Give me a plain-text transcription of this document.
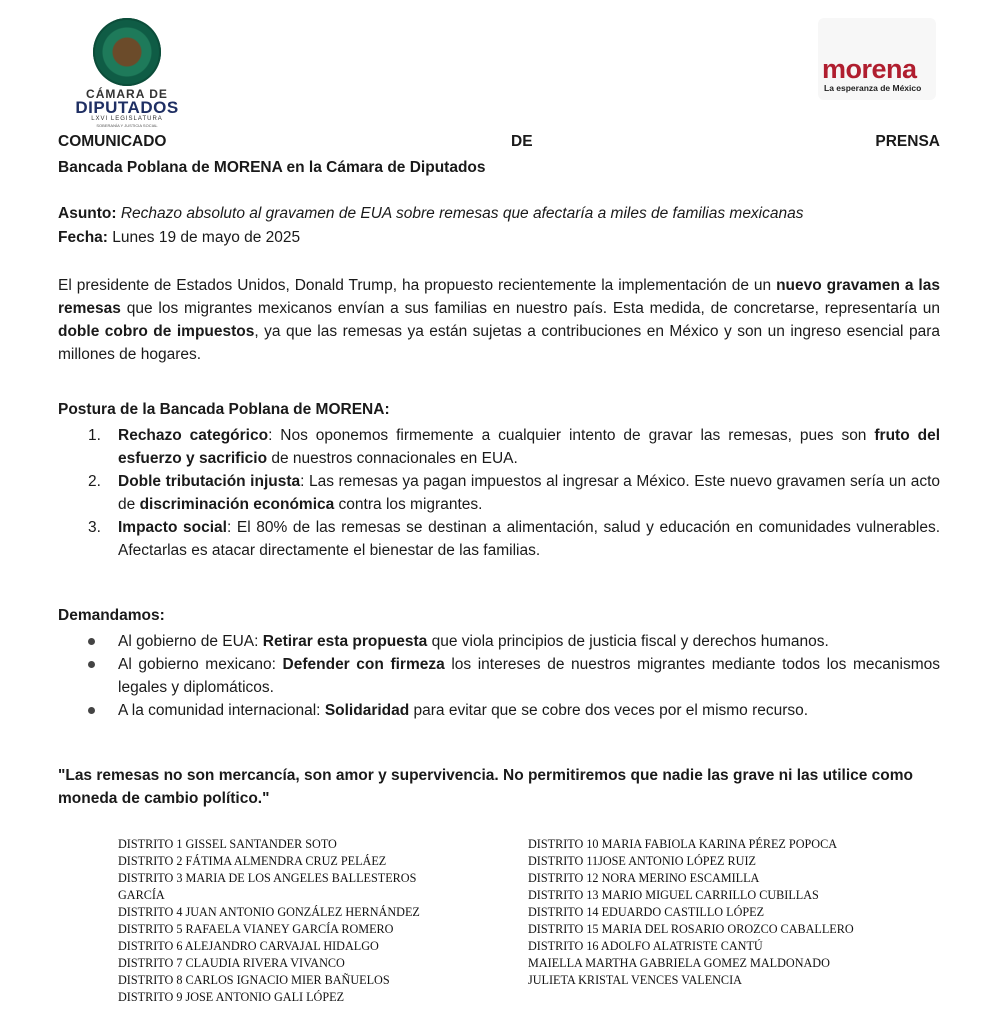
CÁMARA DE
DIPUTADOS
LXVI LEGISLATURA
SOBERANÍA Y JUSTICIA SOCIAL
morena
La esperanza de México
COMUNICADO	DE	PRENSA
Bancada Poblana de MORENA en la Cámara de Diputados
Asunto: Rechazo absoluto al gravamen de EUA sobre remesas que afectaría a miles de familias mexicanas
Fecha: Lunes 19 de mayo de 2025
El presidente de Estados Unidos, Donald Trump, ha propuesto recientemente la implementación de un nuevo gravamen a las remesas que los migrantes mexicanos envían a sus familias en nuestro país. Esta medida, de concretarse, representaría un doble cobro de impuestos, ya que las remesas ya están sujetas a contribuciones en México y son un ingreso esencial para millones de hogares.
Postura de la Bancada Poblana de MORENA:
1. Rechazo categórico: Nos oponemos firmemente a cualquier intento de gravar las remesas, pues son fruto del esfuerzo y sacrificio de nuestros connacionales en EUA.
2. Doble tributación injusta: Las remesas ya pagan impuestos al ingresar a México. Este nuevo gravamen sería un acto de discriminación económica contra los migrantes.
3. Impacto social: El 80% de las remesas se destinan a alimentación, salud y educación en comunidades vulnerables. Afectarlas es atacar directamente el bienestar de las familias.
Demandamos:
Al gobierno de EUA: Retirar esta propuesta que viola principios de justicia fiscal y derechos humanos.
Al gobierno mexicano: Defender con firmeza los intereses de nuestros migrantes mediante todos los mecanismos legales y diplomáticos.
A la comunidad internacional: Solidaridad para evitar que se cobre dos veces por el mismo recurso.
"Las remesas no son mercancía, son amor y supervivencia. No permitiremos que nadie las grave ni las utilice como moneda de cambio político."
DISTRITO 1 GISSEL SANTANDER SOTO
DISTRITO 2 FÁTIMA ALMENDRA CRUZ PELÁEZ
DISTRITO 3 MARIA DE LOS ANGELES BALLESTEROS
GARCÍA
DISTRITO 4 JUAN ANTONIO GONZÁLEZ HERNÁNDEZ
DISTRITO 5 RAFAELA VIANEY GARCÍA ROMERO
DISTRITO 6 ALEJANDRO CARVAJAL HIDALGO
DISTRITO 7 CLAUDIA RIVERA VIVANCO
DISTRITO 8 CARLOS IGNACIO MIER BAÑUELOS
DISTRITO 9 JOSE ANTONIO GALI LÓPEZ
DISTRITO 10 MARIA FABIOLA KARINA PÉREZ POPOCA
DISTRITO 11JOSE ANTONIO LÓPEZ RUIZ
DISTRITO 12 NORA MERINO ESCAMILLA
DISTRITO 13 MARIO MIGUEL CARRILLO CUBILLAS
DISTRITO 14 EDUARDO CASTILLO LÓPEZ
DISTRITO 15 MARIA DEL ROSARIO OROZCO CABALLERO
DISTRITO 16 ADOLFO ALATRISTE CANTÚ
MAIELLA MARTHA GABRIELA GOMEZ MALDONADO
JULIETA KRISTAL VENCES VALENCIA
